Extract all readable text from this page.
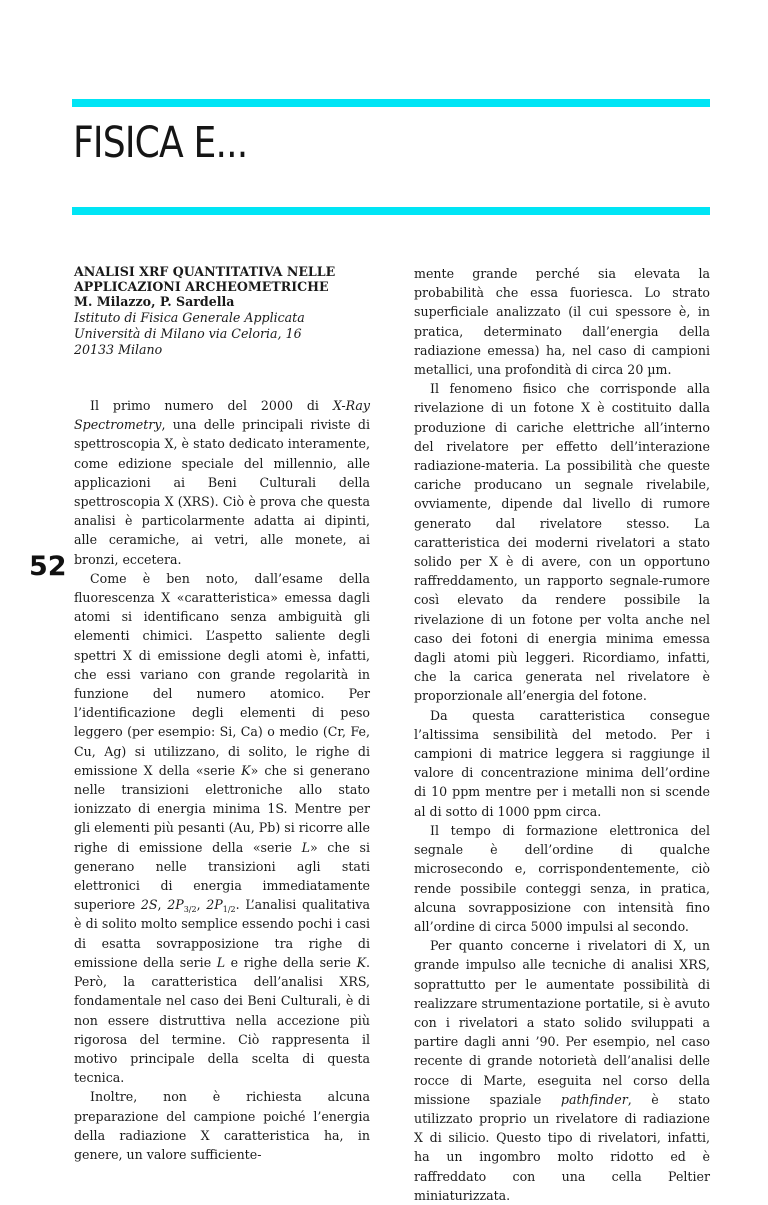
FISICA E...
52
ANALISI XRF QUANTITATIVA NELLE
APPLICAZIONI ARCHEOMETRICHE
M. Milazzo, P. Sardella
Istituto di Fisica Generale Applicata
Università di Milano via Celoria, 16
20133 Milano

Il primo numero del 2000 di X-Ray Spectrometry, una delle principali riviste di spettroscopia X, è stato dedicato interamente, come edizione speciale del millennio, alle applicazioni ai Beni Culturali della spettroscopia X (XRS). Ciò è prova che questa analisi è particolarmente adatta ai dipinti, alle ceramiche, ai vetri, alle monete, ai bronzi, eccetera.

Come è ben noto, dall’esame della fluorescenza X «caratteristica» emessa dagli atomi si identificano senza ambiguità gli elementi chimici. L’aspetto saliente degli spettri X di emissione degli atomi è, infatti, che essi variano con grande regolarità in funzione del numero atomico. Per l’identificazione degli elementi di peso leggero (per esempio: Si, Ca) o medio (Cr, Fe, Cu, Ag) si utilizzano, di solito, le righe di emissione X della «serie K» che si generano nelle transizioni elettroniche allo stato ionizzato di energia minima 1S. Mentre per gli elementi più pesanti (Au, Pb) si ricorre alle righe di emissione della «serie L» che si generano nelle transizioni agli stati elettronici di energia immediatamente superiore 2S, $2P_{3/2}$, $2P_{1/2}$. L’analisi qualitativa è di solito molto semplice essendo pochi i casi di esatta sovrapposizione tra righe di emissione della serie L e righe della serie K. Però, la caratteristica dell’analisi XRS, fondamentale nel caso dei Beni Culturali, è di non essere distruttiva nella accezione più rigorosa del termine. Ciò rappresenta il motivo principale della scelta di questa tecnica.

Inoltre, non è richiesta alcuna preparazione del campione poiché l’energia della radiazione X caratteristica ha, in genere, un valore sufficiente-

mente grande perché sia elevata la probabilità che essa fuoriesca. Lo strato superficiale analizzato (il cui spessore è, in pratica, determinato dall’energia della radiazione emessa) ha, nel caso di campioni metallici, una profondità di circa 20 µm.

Il fenomeno fisico che corrisponde alla rivelazione di un fotone X è costituito dalla produzione di cariche elettriche all’interno del rivelatore per effetto dell’interazione radiazione-materia. La possibilità che queste cariche producano un segnale rivelabile, ovviamente, dipende dal livello di rumore generato dal rivelatore stesso. La caratteristica dei moderni rivelatori a stato solido per X è di avere, con un opportuno raffreddamento, un rapporto segnale-rumore così elevato da rendere possibile la rivelazione di un fotone per volta anche nel caso dei fotoni di energia minima emessa dagli atomi più leggeri. Ricordiamo, infatti, che la carica generata nel rivelatore è proporzionale all’energia del fotone.

Da questa caratteristica consegue l’altissima sensibilità del metodo. Per i campioni di matrice leggera si raggiunge il valore di concentrazione minima dell’ordine di 10 ppm mentre per i metalli non si scende al di sotto di 1000 ppm circa.

Il tempo di formazione elettronica del segnale è dell’ordine di qualche microsecondo e, corrispondentemente, ciò rende possibile conteggi senza, in pratica, alcuna sovrapposizione con intensità fino all’ordine di circa 5000 impulsi al secondo.

Per quanto concerne i rivelatori di X, un grande impulso alle tecniche di analisi XRS, soprattutto per le aumentate possibilità di realizzare strumentazione portatile, si è avuto con i rivelatori a stato solido sviluppati a partire dagli anni ’90. Per esempio, nel caso recente di grande notorietà dell’analisi delle rocce di Marte, eseguita nel corso della missione spaziale pathfinder, è stato utilizzato proprio un rivelatore di radiazione X di silicio. Questo tipo di rivelatori, infatti, ha un ingombro molto ridotto ed è raffreddato con una cella Peltier miniaturizzata.
